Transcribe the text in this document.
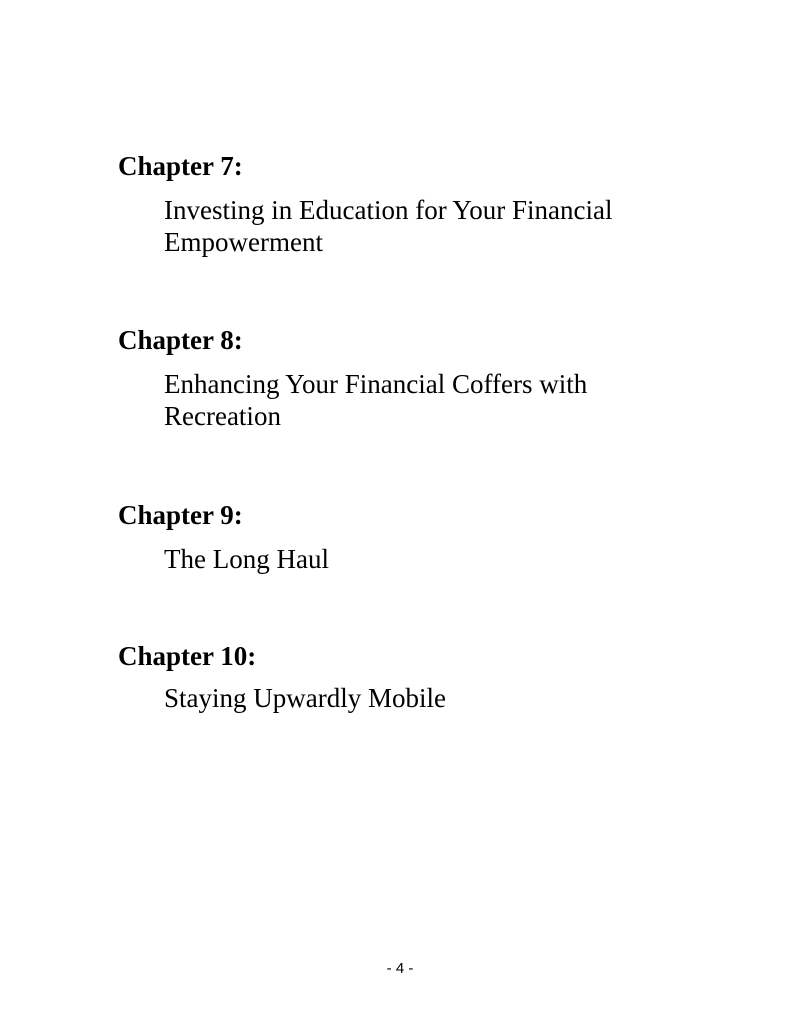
Chapter 7:

Investing in Education for Your Financial Empowerment

Chapter 8:

Enhancing Your Financial Coffers with Recreation

Chapter 9:

The Long Haul

Chapter 10:

Staying Upwardly Mobile

- 4 -
